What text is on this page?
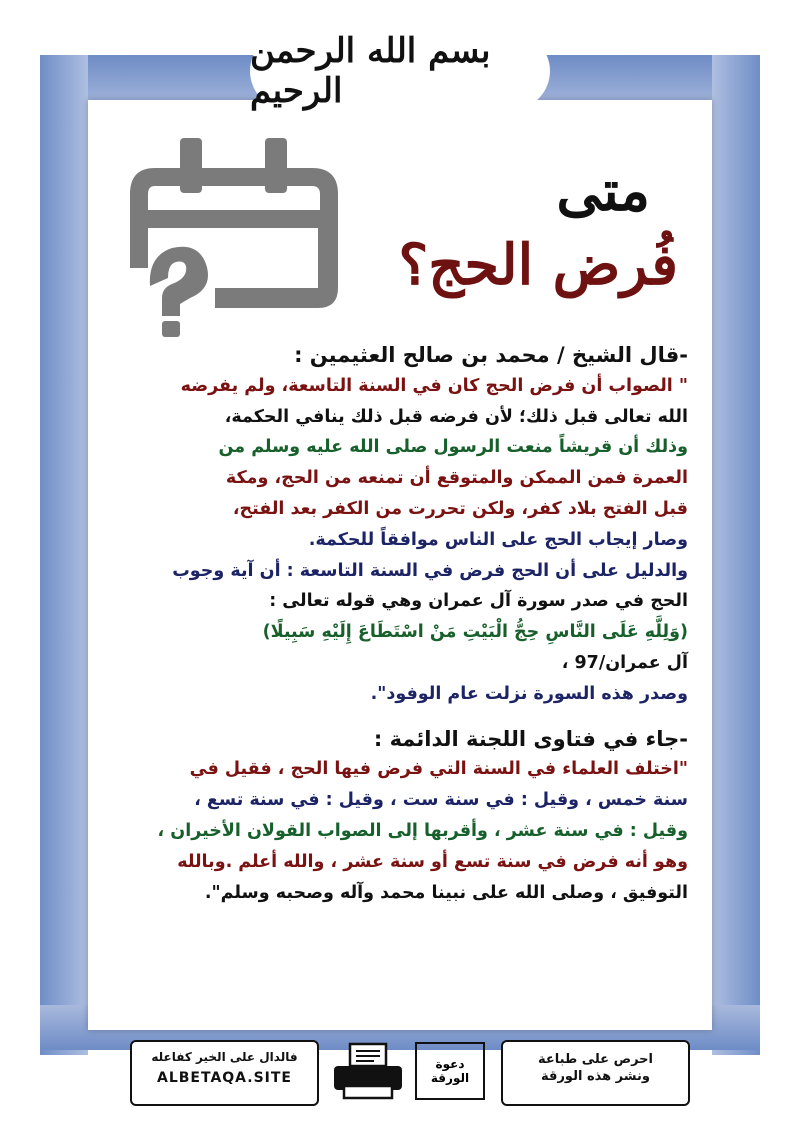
بسم الله الرحمن الرحيم
متى
فُرض الحج؟

-قال الشيخ / محمد بن صالح العثيمين :

" الصواب أن فرض الحج كان في السنة التاسعة، ولم يفرضه

الله تعالى قبل ذلك؛ لأن فرضه قبل ذلك ينافي الحكمة،

وذلك أن قريشاً منعت الرسول صلى الله عليه وسلم من

العمرة فمن الممكن والمتوقع أن تمنعه من الحج، ومكة

قبل الفتح بلاد كفر، ولكن تحررت من الكفر بعد الفتح،

وصار إيجاب الحج على الناس موافقاً للحكمة.

والدليل على أن الحج فرض في السنة التاسعة : أن آية وجوب

الحج في صدر سورة آل عمران وهي قوله تعالى :

(وَلِلَّهِ عَلَى النَّاسِ حِجُّ الْبَيْتِ مَنْ اسْتَطَاعَ إِلَيْهِ سَبِيلًا)

آل عمران/97 ،

وصدر هذه السورة نزلت عام الوفود".

-جاء في فتاوى اللجنة الدائمة :

"اختلف العلماء في السنة التي فرض فيها الحج ، فقيل في

سنة خمس ، وقيل : في سنة ست ، وقيل : في سنة تسع ،

وقيل : في سنة عشر ، وأقربها إلى الصواب القولان الأخيران ،

وهو أنه فرض في سنة تسع أو سنة عشر ، والله أعلم .وبالله

التوفيق ، وصلى الله على نبينا محمد وآله وصحبه وسلم".

فالدال على الخير كفاعله
ALBETAQA.SITE
دعوة الورقة
احرص على طباعة
ونشر هذه الورقة
